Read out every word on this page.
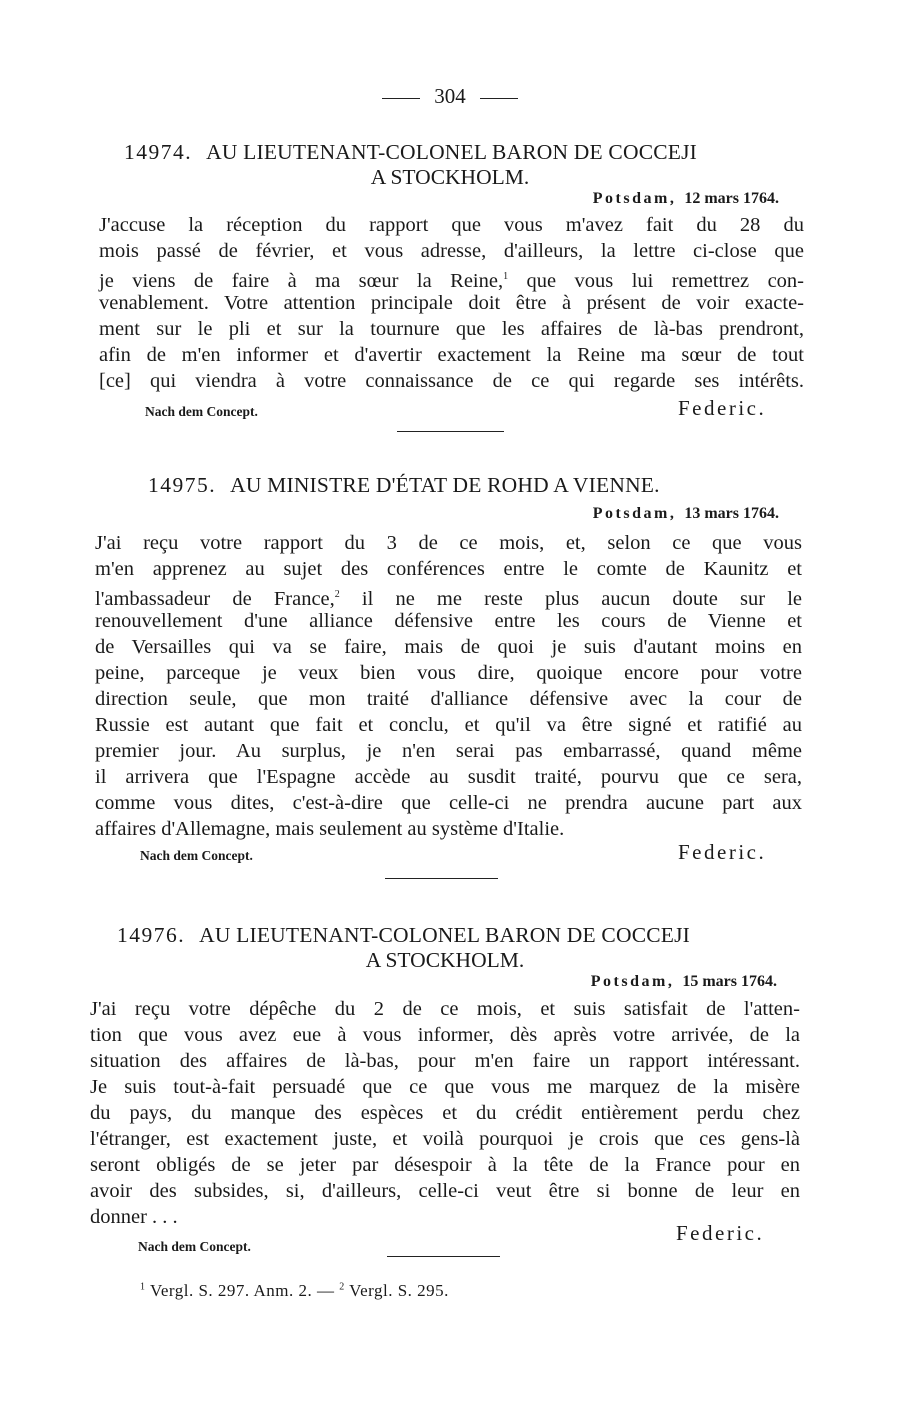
304
14974. AU LIEUTENANT-COLONEL BARON DE COCCEJI
A STOCKHOLM.
Potsdam, 12 mars 1764.
J'accuse la réception du rapport que vous m'avez fait du 28 du
mois passé de février, et vous adresse, d'ailleurs, la lettre ci-close que
je viens de faire à ma sœur la Reine,$^1$ que vous lui remettrez con-
venablement. Votre attention principale doit être à présent de voir exacte-
ment sur le pli et sur la tournure que les affaires de là-bas prendront,
afin de m'en informer et d'avertir exactement la Reine ma sœur de tout
[ce] qui viendra à votre connaissance de ce qui regarde ses intérêts.
Nach dem Concept.	Federic.
14975. AU MINISTRE D'ÉTAT DE ROHD A VIENNE.
Potsdam, 13 mars 1764.
J'ai reçu votre rapport du 3 de ce mois, et, selon ce que vous
m'en apprenez au sujet des conférences entre le comte de Kaunitz et
l'ambassadeur de France,$^2$ il ne me reste plus aucun doute sur le
renouvellement d'une alliance défensive entre les cours de Vienne et
de Versailles qui va se faire, mais de quoi je suis d'autant moins en
peine, parceque je veux bien vous dire, quoique encore pour votre
direction seule, que mon traité d'alliance défensive avec la cour de
Russie est autant que fait et conclu, et qu'il va être signé et ratifié au
premier jour. Au surplus, je n'en serai pas embarrassé, quand même
il arrivera que l'Espagne accède au susdit traité, pourvu que ce sera,
comme vous dites, c'est-à-dire que celle-ci ne prendra aucune part aux
affaires d'Allemagne, mais seulement au système d'Italie.
Nach dem Concept.	Federic.
14976. AU LIEUTENANT-COLONEL BARON DE COCCEJI
A STOCKHOLM.
Potsdam, 15 mars 1764.
J'ai reçu votre dépêche du 2 de ce mois, et suis satisfait de l'atten-
tion que vous avez eue à vous informer, dès après votre arrivée, de la
situation des affaires de là-bas, pour m'en faire un rapport intéressant.
Je suis tout-à-fait persuadé que ce que vous me marquez de la misère
du pays, du manque des espèces et du crédit entièrement perdu chez
l'étranger, est exactement juste, et voilà pourquoi je crois que ces gens-là
seront obligés de se jeter par désespoir à la tête de la France pour en
avoir des subsides, si, d'ailleurs, celle-ci veut être si bonne de leur en
donner . . .
Federic.
Nach dem Concept.
$^1$ Vergl. S. 297. Anm. 2. — $^2$ Vergl. S. 295.
